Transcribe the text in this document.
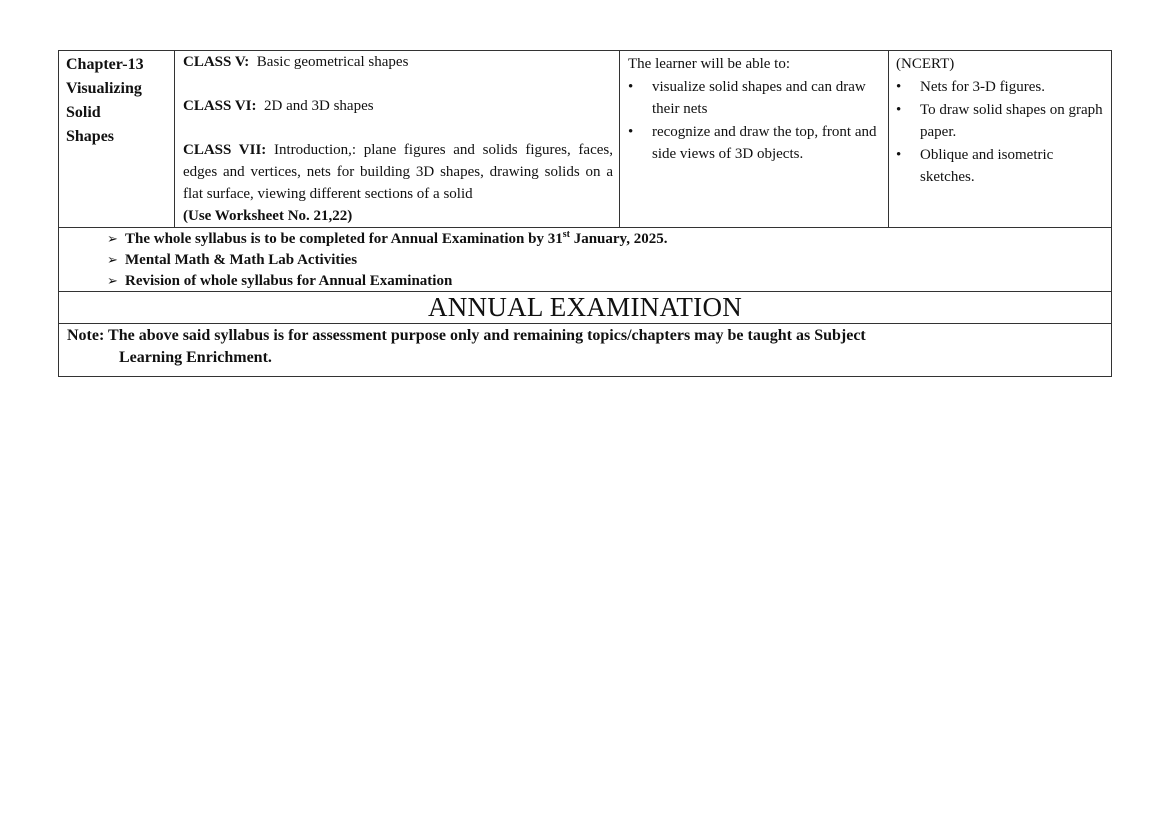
Chapter-13
Visualizing
Solid
Shapes

CLASS V: Basic geometrical shapes

CLASS VI: 2D and 3D shapes

CLASS VII: Introduction,: plane figures and solids figures, faces, edges and vertices, nets for building 3D shapes, drawing solids on a flat surface, viewing different sections of a solid

(Use Worksheet No. 21,22)
The learner will be able to:
• visualize solid shapes and can draw their nets
• recognize and draw the top, front and side views of 3D objects.
(NCERT)
• Nets for 3-D figures.
• To draw solid shapes on graph paper.
• Oblique and isometric sketches.
➢ The whole syllabus is to be completed for Annual Examination by 31st January, 2025.
➢ Mental Math & Math Lab Activities
➢ Revision of whole syllabus for Annual Examination
ANNUAL EXAMINATION
Note: The above said syllabus is for assessment purpose only and remaining topics/chapters may be taught as Subject
Learning Enrichment.
